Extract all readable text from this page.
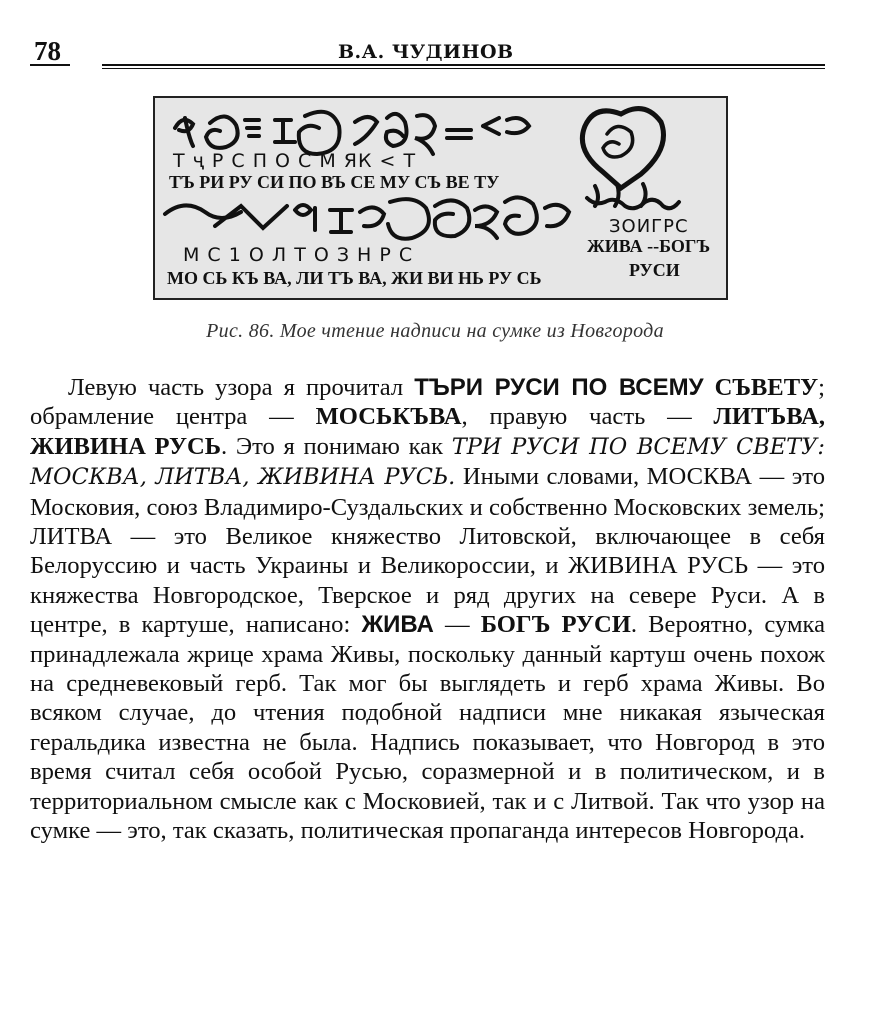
78	В.А. ЧУДИНОВ
Т ҷ Р С П О С М ЯК < Т
ТЪ РИ РУ СИ ПО ВЪ СЕ МУ СЪ ВЕ ТУ
М С 1 О Л Т О З Н Р С
МО СЬ КЪ ВА, ЛИ ТЪ ВА, ЖИ ВИ НЬ РУ СЬ
ЗОИГРС
ЖИВА --БОГЪ
РУСИ
Рис. 86. Мое чтение надписи на сумке из Новгорода

Левую часть узора я прочитал ТЪРИ РУСИ ПО ВСЕМУ СЪВЕТУ; обрамление центра — МОСЬКЪВА, правую часть — ЛИТЪВА, ЖИВИНА РУСЬ. Это я понимаю как ТРИ РУСИ ПО ВСЕМУ СВЕТУ: МОСКВА, ЛИТВА, ЖИВИНА РУСЬ. Иными словами, МОСКВА — это Московия, союз Владимиро-Суздальских и собственно Московских земель; ЛИТВА — это Великое княжество Литовской, включающее в себя Белоруссию и часть Украины и Великороссии, и ЖИВИНА РУСЬ — это княжества Новгородское, Тверское и ряд других на севере Руси. А в центре, в картуше, написано: ЖИВА — БОГЪ РУСИ. Вероятно, сумка принадлежала жрице храма Живы, поскольку данный картуш очень похож на средневековый герб. Так мог бы выглядеть и герб храма Живы. Во всяком случае, до чтения подобной надписи мне никакая языческая геральдика известна не была. Надпись показывает, что Новгород в это время считал себя особой Русью, соразмерной и в политическом, и в территориальном смысле как с Московией, так и с Литвой. Так что узор на сумке — это, так сказать, политическая пропаганда интересов Новгорода.
